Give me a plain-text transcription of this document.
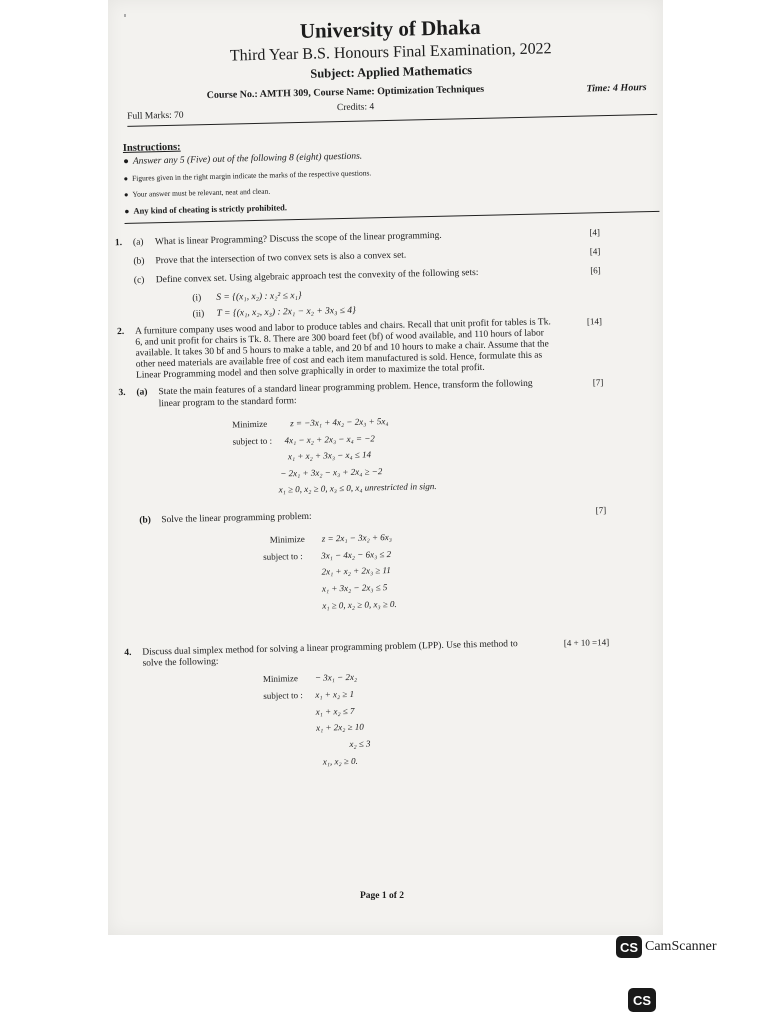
University of Dhaka
Third Year B.S. Honours Final Examination, 2022
Subject: Applied Mathematics
Course No.: AMTH 309, Course Name: Optimization Techniques	Time: 4 Hours
Full Marks: 70
Credits: 4
Instructions:
● Answer any 5 (Five) out of the following 8 (eight) questions.
● Figures given in the right margin indicate the marks of the respective questions.
● Your answer must be relevant, neat and clean.
● Any kind of cheating is strictly prohibited.
1. (a) What is linear Programming? Discuss the scope of the linear programming.	[4]
(b) Prove that the intersection of two convex sets is also a convex set.	[4]
(c) Define convex set. Using algebraic approach test the convexity of the following sets:	[6]
(i) S = {(x₁, x₂) : x₂² ≤ x₁}
(ii) T = {(x₁, x₂, x₃) : 2x₁ − x₂ + 3x₃ ≤ 4}
2. A furniture company uses wood and labor to produce tables and chairs. Recall that unit profit for tables is Tk. 6, and unit profit for chairs is Tk. 8. There are 300 board feet (bf) of wood available, and 110 hours of labor available. It takes 30 bf and 5 hours to make a table, and 20 bf and 10 hours to make a chair. Assume that the other need materials are available free of cost and each item manufactured is sold. Hence, formulate this as Linear Programming model and then solve graphically in order to maximize the total profit.
[14]
3. (a) State the main features of a standard linear programming problem. Hence, transform the following linear program to the standard form:
[7]
Minimize	z = −3x₁ + 4x₂ − 2x₃ + 5x₄
subject to : 4x₁ − x₂ + 2x₃ − x₄ = −2
x₁ + x₂ + 3x₃ − x₄ ≤ 14
− 2x₁ + 3x₂ − x₃ + 2x₄ ≥ −2
x₁ ≥ 0, x₂ ≥ 0, x₃ ≤ 0, x₄ unrestricted in sign.
(b) Solve the linear programming problem:
[7]
Minimize z = 2x₁ − 3x₂ + 6x₃
subject to : 3x₁ − 4x₂ − 6x₃ ≤ 2
2x₁ + x₂ + 2x₃ ≥ 11
x₁ + 3x₂ − 2x₃ ≤ 5
x₁ ≥ 0, x₂ ≥ 0, x₃ ≥ 0.
4. Discuss dual simplex method for solving a linear programming problem (LPP). Use this method to solve the following:
[4 + 10 =14]
Minimize − 3x₁ − 2x₂
subject to : x₁ + x₂ ≥ 1
x₁ + x₂ ≤ 7
x₁ + 2x₂ ≥ 10
x₂ ≤ 3
x₁, x₂ ≥ 0.
Page 1 of 2
CS CamScanner
CS
